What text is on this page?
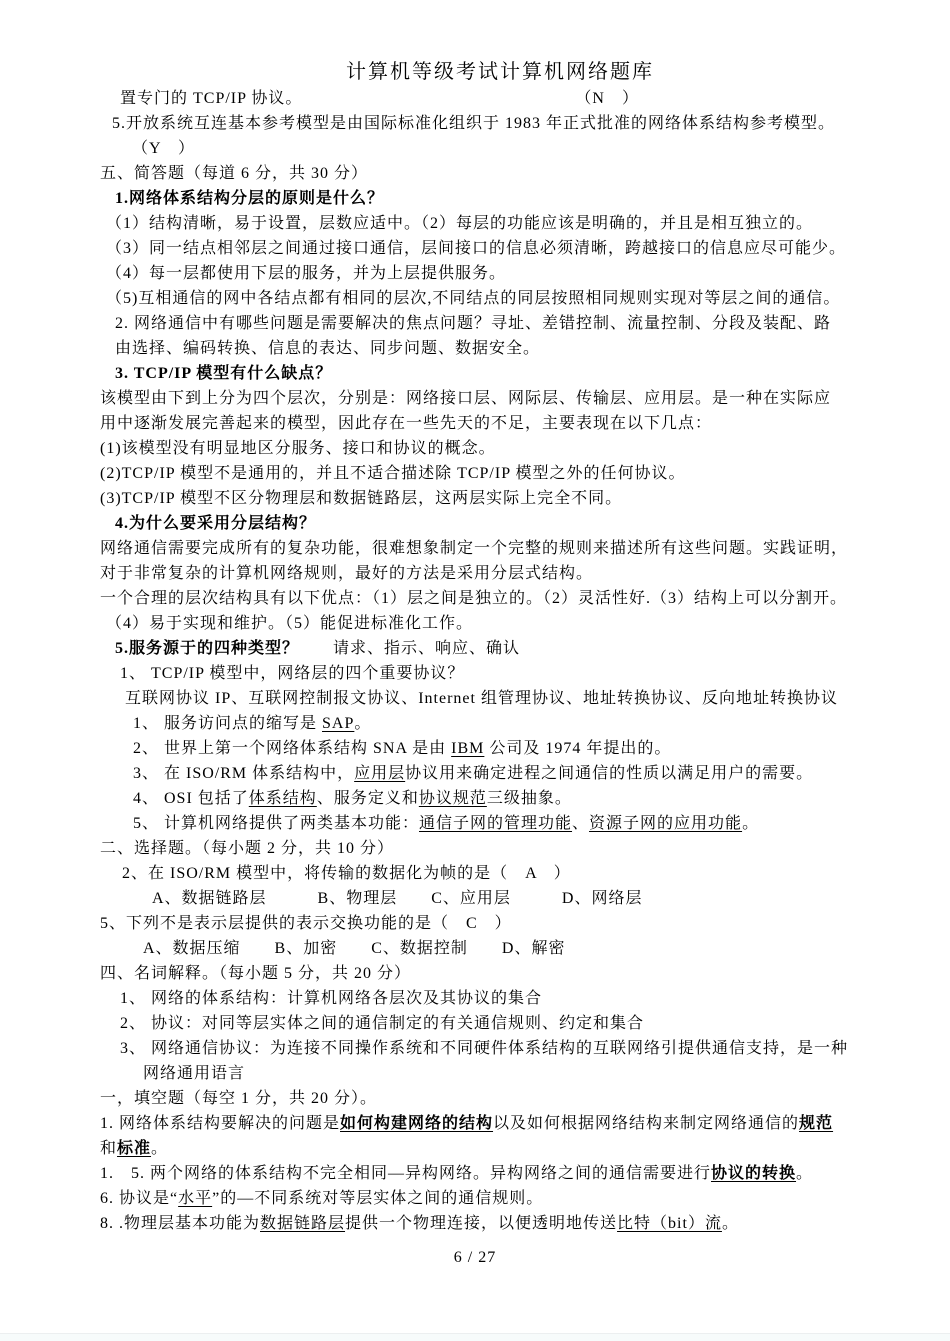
计算机等级考试计算机网络题库
置专门的 TCP/IP 协议。　　　　　　　　　　　　　　　　　（N　）
5.开放系统互连基本参考模型是由国际标准化组织于 1983 年正式批准的网络体系结构参考模型。
（Y　）
五、简答题（每道 6 分，共 30 分）
1.网络体系结构分层的原则是什么？
（1）结构清晰，易于设置，层数应适中。（2）每层的功能应该是明确的，并且是相互独立的。
（3）同一结点相邻层之间通过接口通信，层间接口的信息必须清晰，跨越接口的信息应尽可能少。
（4）每一层都使用下层的服务，并为上层提供服务。
（5)互相通信的网中各结点都有相同的层次,不同结点的同层按照相同规则实现对等层之间的通信。
2. 网络通信中有哪些问题是需要解决的焦点问题？寻址、差错控制、流量控制、分段及装配、路
由选择、编码转换、信息的表达、同步问题、数据安全。
3. TCP/IP 模型有什么缺点？
该模型由下到上分为四个层次，分别是：网络接口层、网际层、传输层、应用层。是一种在实际应
用中逐渐发展完善起来的模型，因此存在一些先天的不足，主要表现在以下几点：
(1)该模型没有明显地区分服务、接口和协议的概念。
(2)TCP/IP 模型不是通用的，并且不适合描述除 TCP/IP 模型之外的任何协议。
(3)TCP/IP 模型不区分物理层和数据链路层，这两层实际上完全不同。
4.为什么要采用分层结构？
网络通信需要完成所有的复杂功能，很难想象制定一个完整的规则来描述所有这些问题。实践证明，
对于非常复杂的计算机网络规则，最好的方法是采用分层式结构。
一个合理的层次结构具有以下优点：（1）层之间是独立的。（2）灵活性好.（3）结构上可以分割开。
（4）易于实现和维护。（5）能促进标准化工作。
5.服务源于的四种类型？　　请求、指示、响应、确认
1、 TCP/IP 模型中，网络层的四个重要协议？
互联网协议 IP、互联网控制报文协议、Internet 组管理协议、地址转换协议、反向地址转换协议
1、 服务访问点的缩写是 SAP。
2、 世界上第一个网络体系结构 SNA 是由 IBM 公司及 1974 年提出的。
3、 在 ISO/RM 体系结构中，应用层协议用来确定进程之间通信的性质以满足用户的需要。
4、 OSI 包括了体系结构、服务定义和协议规范三级抽象。
5、 计算机网络提供了两类基本功能：通信子网的管理功能、资源子网的应用功能。
二、选择题。（每小题 2 分，共 10 分）
2、在 ISO/RM 模型中，将传输的数据化为帧的是（　A　）
A、数据链路层　　　B、物理层　　C、应用层　　　D、网络层
5、下列不是表示层提供的表示交换功能的是（　C　）
A、数据压缩　　B、加密　　C、数据控制　　D、解密
四、名词解释。（每小题 5 分，共 20 分）
1、 网络的体系结构：计算机网络各层次及其协议的集合
2、 协议：对同等层实体之间的通信制定的有关通信规则、约定和集合
3、 网络通信协议：为连接不同操作系统和不同硬件体系结构的互联网络引提供通信支持，是一种
网络通用语言
一，填空题（每空 1 分，共 20 分）。
1. 网络体系结构要解决的问题是如何构建网络的结构以及如何根据网络结构来制定网络通信的规范
和标准。
1.　5. 两个网络的体系结构不完全相同—异构网络。异构网络之间的通信需要进行协议的转换。
6. 协议是“水平”的—不同系统对等层实体之间的通信规则。
8. .物理层基本功能为数据链路层提供一个物理连接，以便透明地传送比特（bit）流。
6 / 27
